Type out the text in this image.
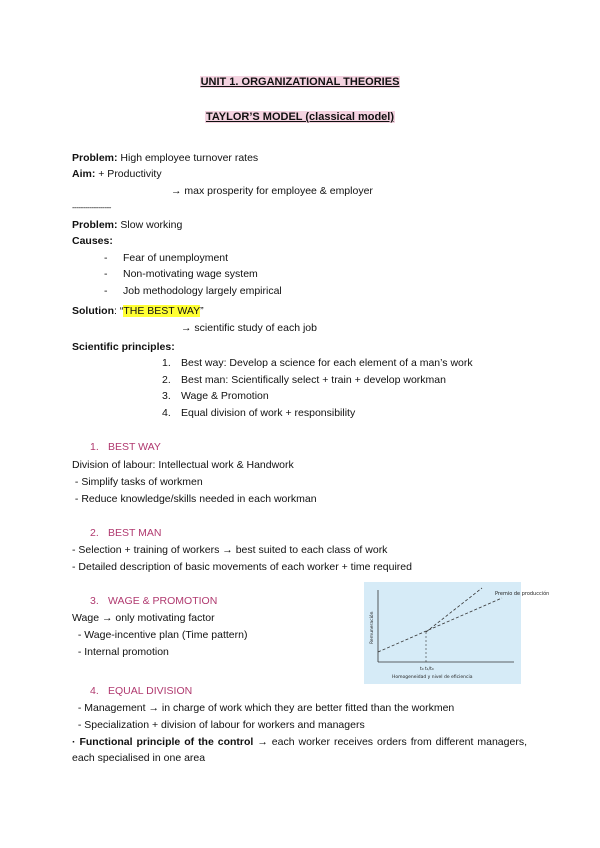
UNIT 1. ORGANIZATIONAL THEORIES
TAYLOR’S MODEL (classical model)
Problem: High employee turnover rates
Aim: + Productivity
→ max prosperity for employee & employer
------------------
Problem: Slow working
Causes:
- Fear of unemployment
- Non-motivating wage system
- Job methodology largely empirical
Solution: “THE BEST WAY”
→ scientific study of each job
Scientific principles:
1. Best way: Develop a science for each element of a man’s work
2. Best man: Scientifically select + train + develop workman
3. Wage & Promotion
4. Equal division of work + responsibility
1. BEST WAY
Division of labour: Intellectual work & Handwork
- Simplify tasks of workmen
- Reduce knowledge/skills needed in each workman
2. BEST MAN
- Selection + training of workers → best suited to each class of work
- Detailed description of basic movements of each worker + time required
3. WAGE & PROMOTION
Wage → only motivating factor
- Wage-incentive plan (Time pattern)
- Internal promotion
Premio de producción
Remuneración
t₀ t₁/t₀
Homogeneidad y nivel de eficiencia
4. EQUAL DIVISION
- Management → in charge of work which they are better fitted than the workmen
- Specialization + division of labour for workers and managers
· Functional principle of the control → each worker receives orders from different managers, each specialised in one area
